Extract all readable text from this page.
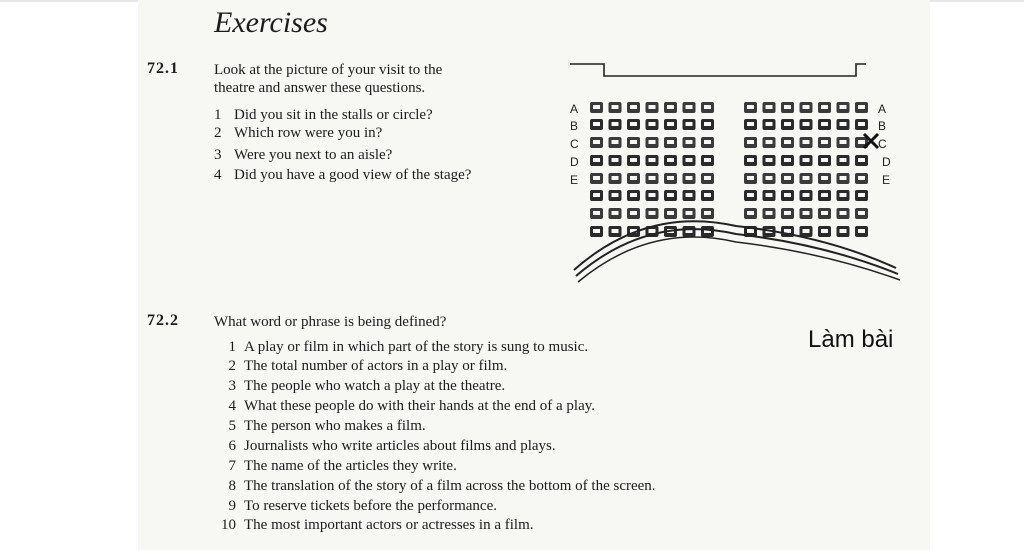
Exercises
72.1 Look at the picture of your visit to the
theatre and answer these questions.
1 Did you sit in the stalls or circle?
2 Which row were you in?
3 Were you next to an aisle?
4 Did you have a good view of the stage?
72.2 What word or phrase is being defined?
1 A play or film in which part of the story is sung to music.
2 The total number of actors in a play or film.
3 The people who watch a play at the theatre.
4 What these people do with their hands at the end of a play.
5 The person who makes a film.
6 Journalists who write articles about films and plays.
7 The name of the articles they write.
8 The translation of the story of a film across the bottom of the screen.
9 To reserve tickets before the performance.
10 The most important actors or actresses in a film.
A
B
C
D
E
A
B
C
D
E
Làm bài
